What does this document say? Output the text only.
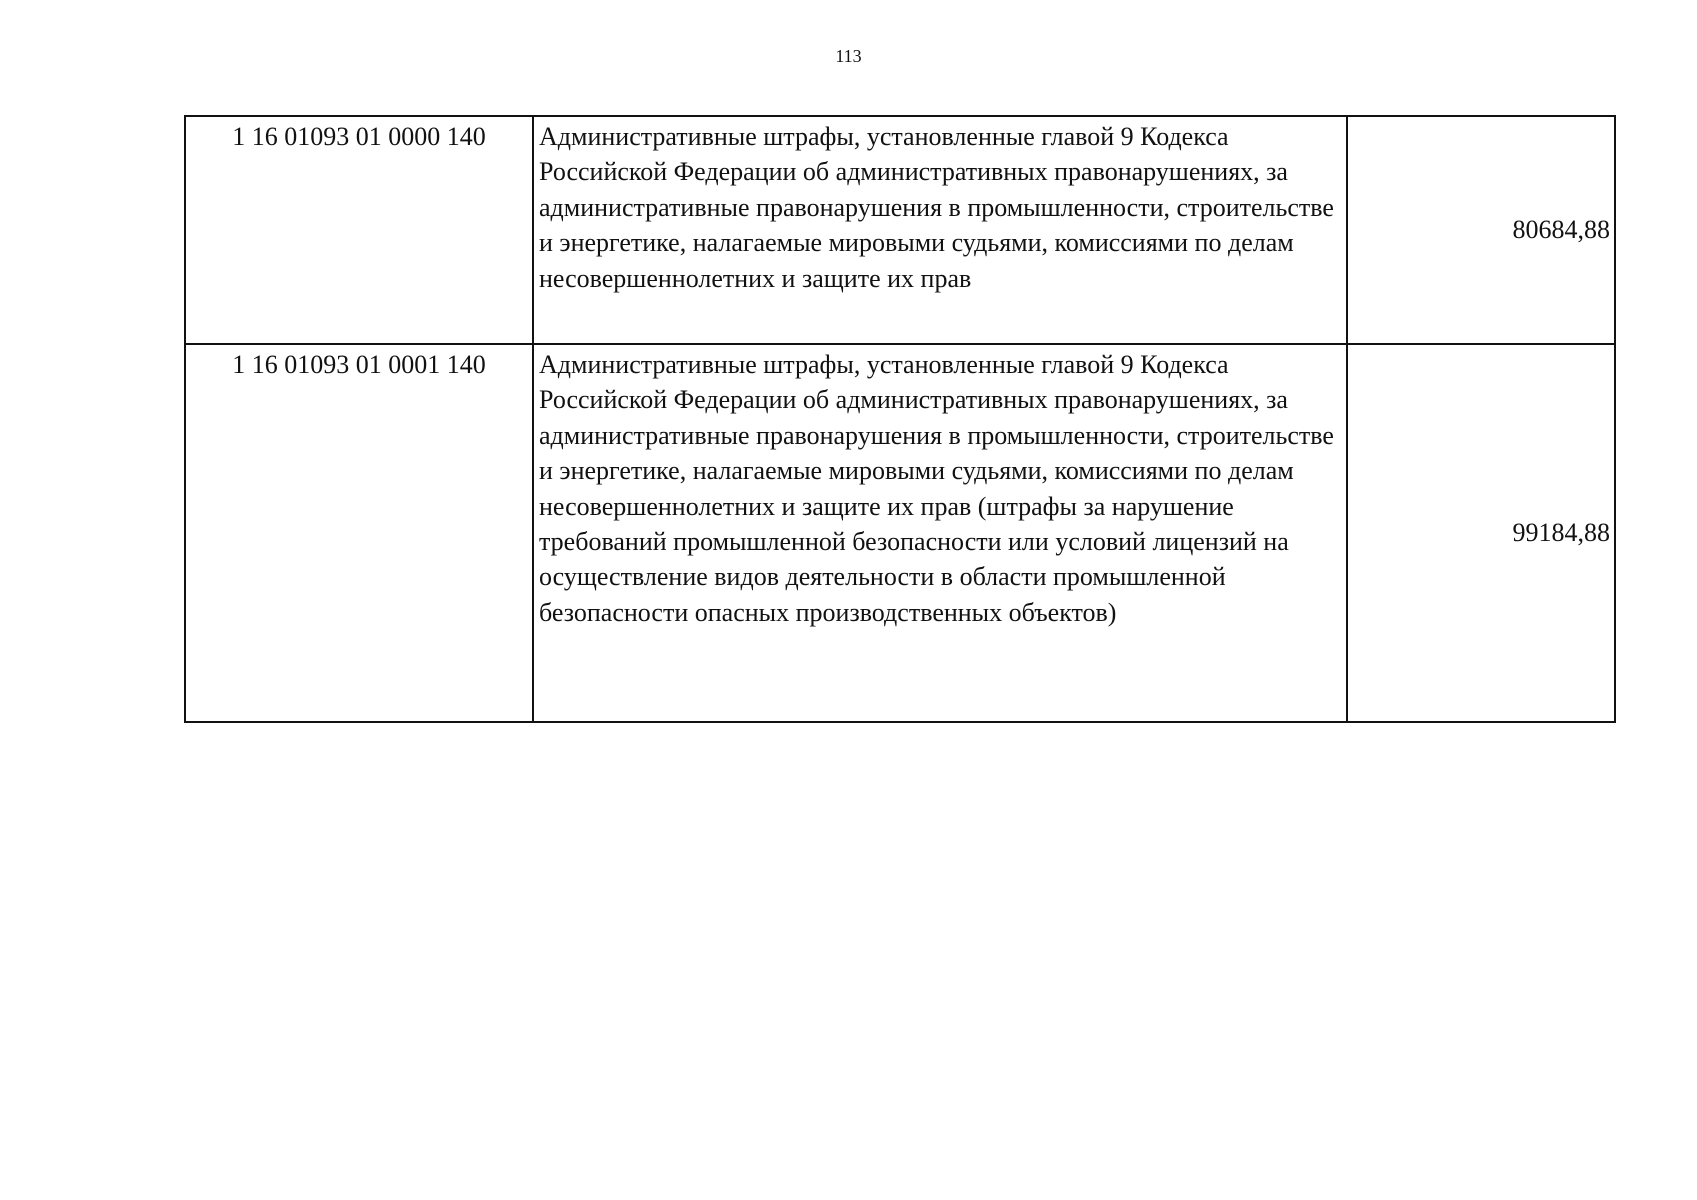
113
1 16 01093 01 0000 140	Административные штрафы, установленные главой 9 Кодекса Российской Федерации об административных правонарушениях, за административные правонарушения в промышленности, строительстве и энергетике, налагаемые мировыми судьями, комиссиями по делам несовершеннолетних и защите их прав	80684,88
1 16 01093 01 0001 140	Административные штрафы, установленные главой 9 Кодекса Российской Федерации об административных правонарушениях, за административные правонарушения в промышленности, строительстве и энергетике, налагаемые мировыми судьями, комиссиями по делам несовершеннолетних и защите их прав (штрафы за нарушение требований промышленной безопасности или условий лицензий на осуществление видов деятельности в области промышленной безопасности опасных производственных объектов)	99184,88
